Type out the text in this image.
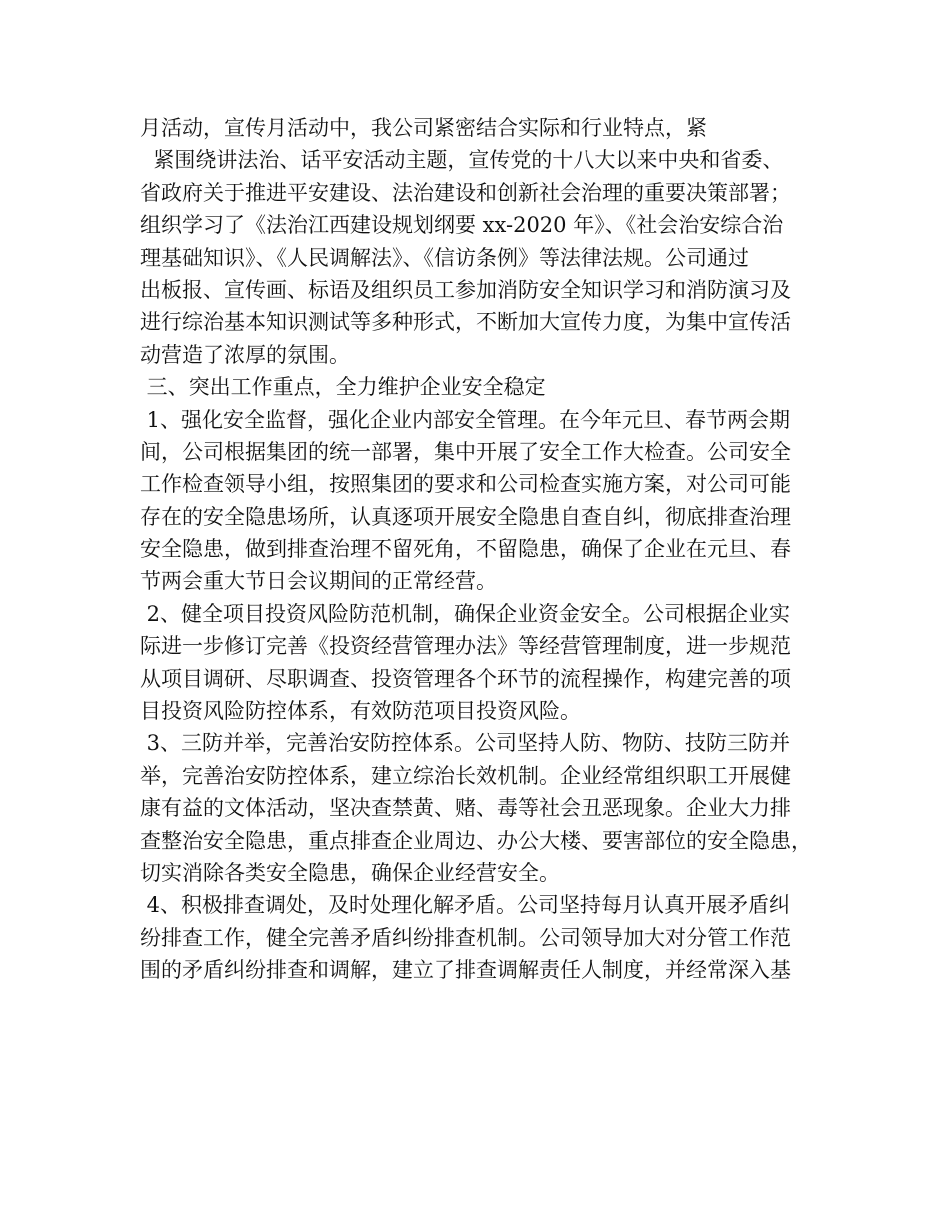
月活动，宣传月活动中，我公司紧密结合实际和行业特点，紧
紧围绕讲法治、话平安活动主题，宣传党的十八大以来中央和省委、
省政府关于推进平安建设、法治建设和创新社会治理的重要决策部署；
组织学习了《法治江西建设规划纲要 xx-2020 年》、《社会治安综合治
理基础知识》、《人民调解法》、《信访条例》等法律法规。公司通过
出板报、宣传画、标语及组织员工参加消防安全知识学习和消防演习及
进行综治基本知识测试等多种形式，不断加大宣传力度，为集中宣传活
动营造了浓厚的氛围。
三、突出工作重点，全力维护企业安全稳定
1、强化安全监督，强化企业内部安全管理。在今年元旦、春节两会期
间，公司根据集团的统一部署，集中开展了安全工作大检查。公司安全
工作检查领导小组，按照集团的要求和公司检查实施方案，对公司可能
存在的安全隐患场所，认真逐项开展安全隐患自查自纠，彻底排查治理
安全隐患，做到排查治理不留死角，不留隐患，确保了企业在元旦、春
节两会重大节日会议期间的正常经营。
2、健全项目投资风险防范机制，确保企业资金安全。公司根据企业实
际进一步修订完善《投资经营管理办法》等经营管理制度，进一步规范
从项目调研、尽职调查、投资管理各个环节的流程操作，构建完善的项
目投资风险防控体系，有效防范项目投资风险。
3、三防并举，完善治安防控体系。公司坚持人防、物防、技防三防并
举，完善治安防控体系，建立综治长效机制。企业经常组织职工开展健
康有益的文体活动，坚决查禁黄、赌、毒等社会丑恶现象。企业大力排
查整治安全隐患，重点排查企业周边、办公大楼、要害部位的安全隐患，
切实消除各类安全隐患，确保企业经营安全。
4、积极排查调处，及时处理化解矛盾。公司坚持每月认真开展矛盾纠
纷排查工作，健全完善矛盾纠纷排查机制。公司领导加大对分管工作范
围的矛盾纠纷排查和调解，建立了排查调解责任人制度，并经常深入基
